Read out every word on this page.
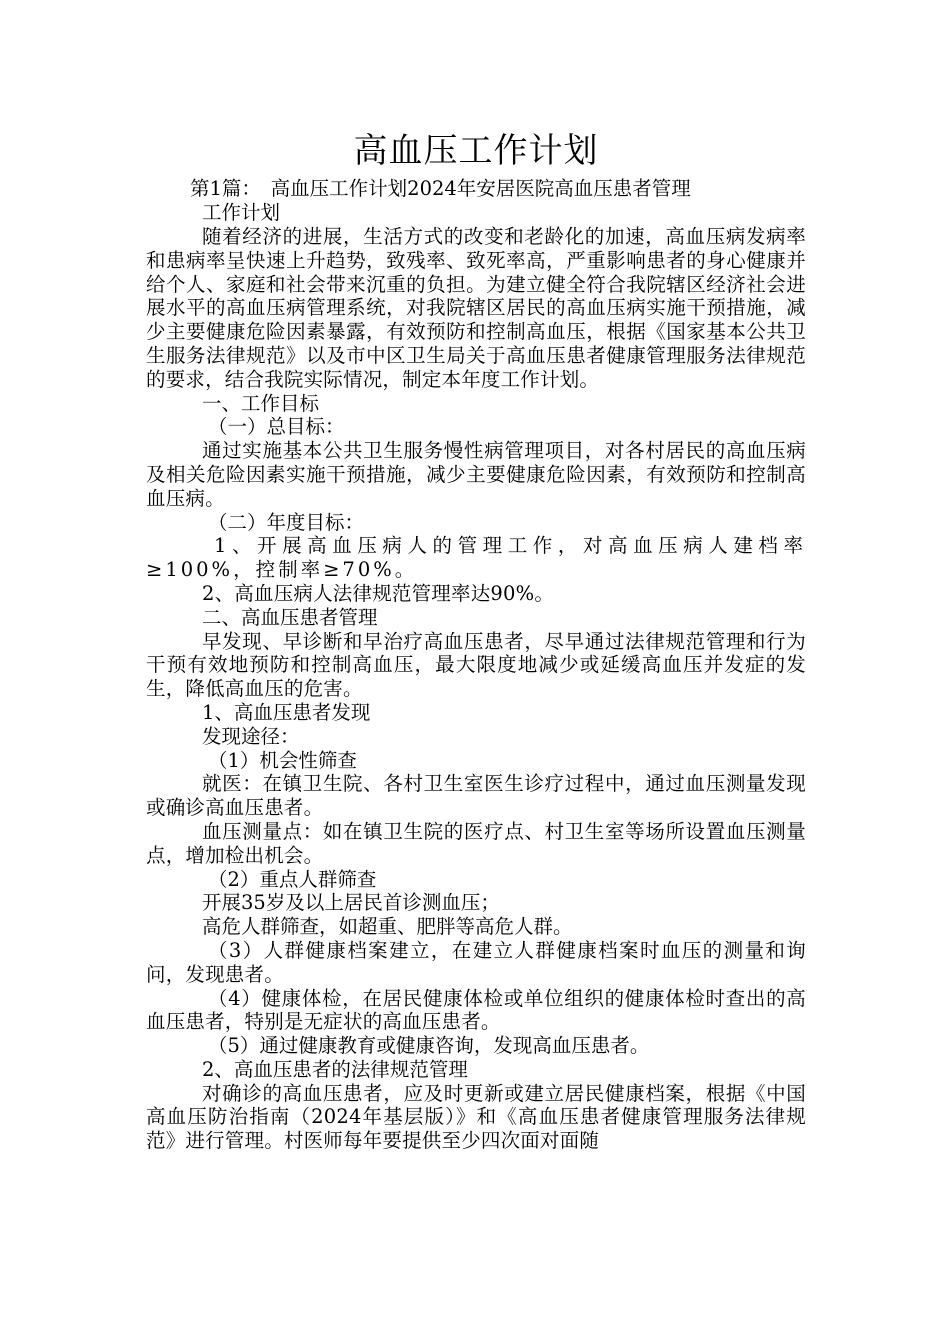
高血压工作计划

第1篇：　高血压工作计划2024年安居医院高血压患者管理

工作计划

随着经济的进展，生活方式的改变和老龄化的加速，高血压病发病率和患病率呈快速上升趋势，致残率、致死率高，严重影响患者的身心健康并给个人、家庭和社会带来沉重的负担。为建立健全符合我院辖区经济社会进展水平的高血压病管理系统，对我院辖区居民的高血压病实施干预措施，减少主要健康危险因素暴露，有效预防和控制高血压，根据《国家基本公共卫生服务法律规范》以及市中区卫生局关于高血压患者健康管理服务法律规范的要求，结合我院实际情况，制定本年度工作计划。

一、工作目标

（一）总目标：

通过实施基本公共卫生服务慢性病管理项目，对各村居民的高血压病及相关危险因素实施干预措施，减少主要健康危险因素，有效预防和控制高血压病。

（二）年度目标：

1、开展高血压病人的管理工作，对高血压病人建档率≥100%，控制率≥70%。

2、高血压病人法律规范管理率达90%。

二、高血压患者管理

早发现、早诊断和早治疗高血压患者，尽早通过法律规范管理和行为干预有效地预防和控制高血压，最大限度地减少或延缓高血压并发症的发生，降低高血压的危害。

1、高血压患者发现

发现途径：

（1）机会性筛查

就医：在镇卫生院、各村卫生室医生诊疗过程中，通过血压测量发现或确诊高血压患者。

血压测量点：如在镇卫生院的医疗点、村卫生室等场所设置血压测量点，增加检出机会。

（2）重点人群筛查

开展35岁及以上居民首诊测血压；

高危人群筛查，如超重、肥胖等高危人群。

（3）人群健康档案建立，在建立人群健康档案时血压的测量和询问，发现患者。

（4）健康体检，在居民健康体检或单位组织的健康体检时查出的高血压患者，特别是无症状的高血压患者。

（5）通过健康教育或健康咨询，发现高血压患者。

2、高血压患者的法律规范管理

对确诊的高血压患者，应及时更新或建立居民健康档案，根据《中国高血压防治指南（2024年基层版）》和《高血压患者健康管理服务法律规范》进行管理。村医师每年要提供至少四次面对面随
